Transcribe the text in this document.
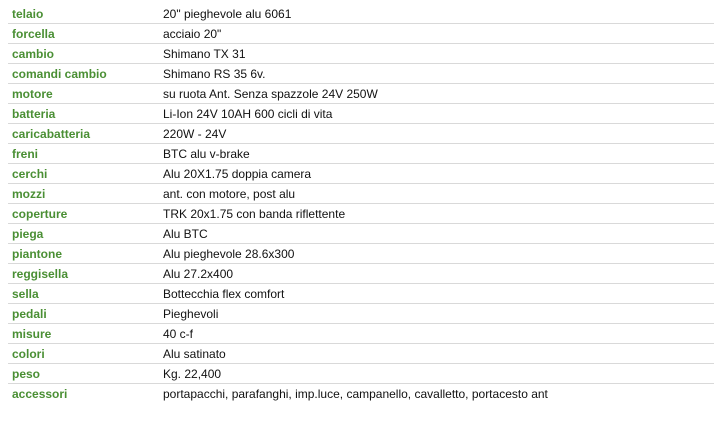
telaio	20" pieghevole alu 6061
forcella	acciaio 20"
cambio	Shimano TX 31
comandi cambio	Shimano RS 35 6v.
motore	su ruota Ant. Senza spazzole 24V 250W
batteria	Li-Ion 24V 10AH 600 cicli di vita
caricabatteria	220W - 24V
freni	BTC alu v-brake
cerchi	Alu 20X1.75 doppia camera
mozzi	ant. con motore, post alu
coperture	TRK 20x1.75 con banda riflettente
piega	Alu BTC
piantone	Alu pieghevole 28.6x300
reggisella	Alu 27.2x400
sella	Bottecchia flex comfort
pedali	Pieghevoli
misure	40 c-f
colori	Alu satinato
peso	Kg. 22,400
accessori	portapacchi, parafanghi, imp.luce, campanello, cavalletto, portacesto ant
